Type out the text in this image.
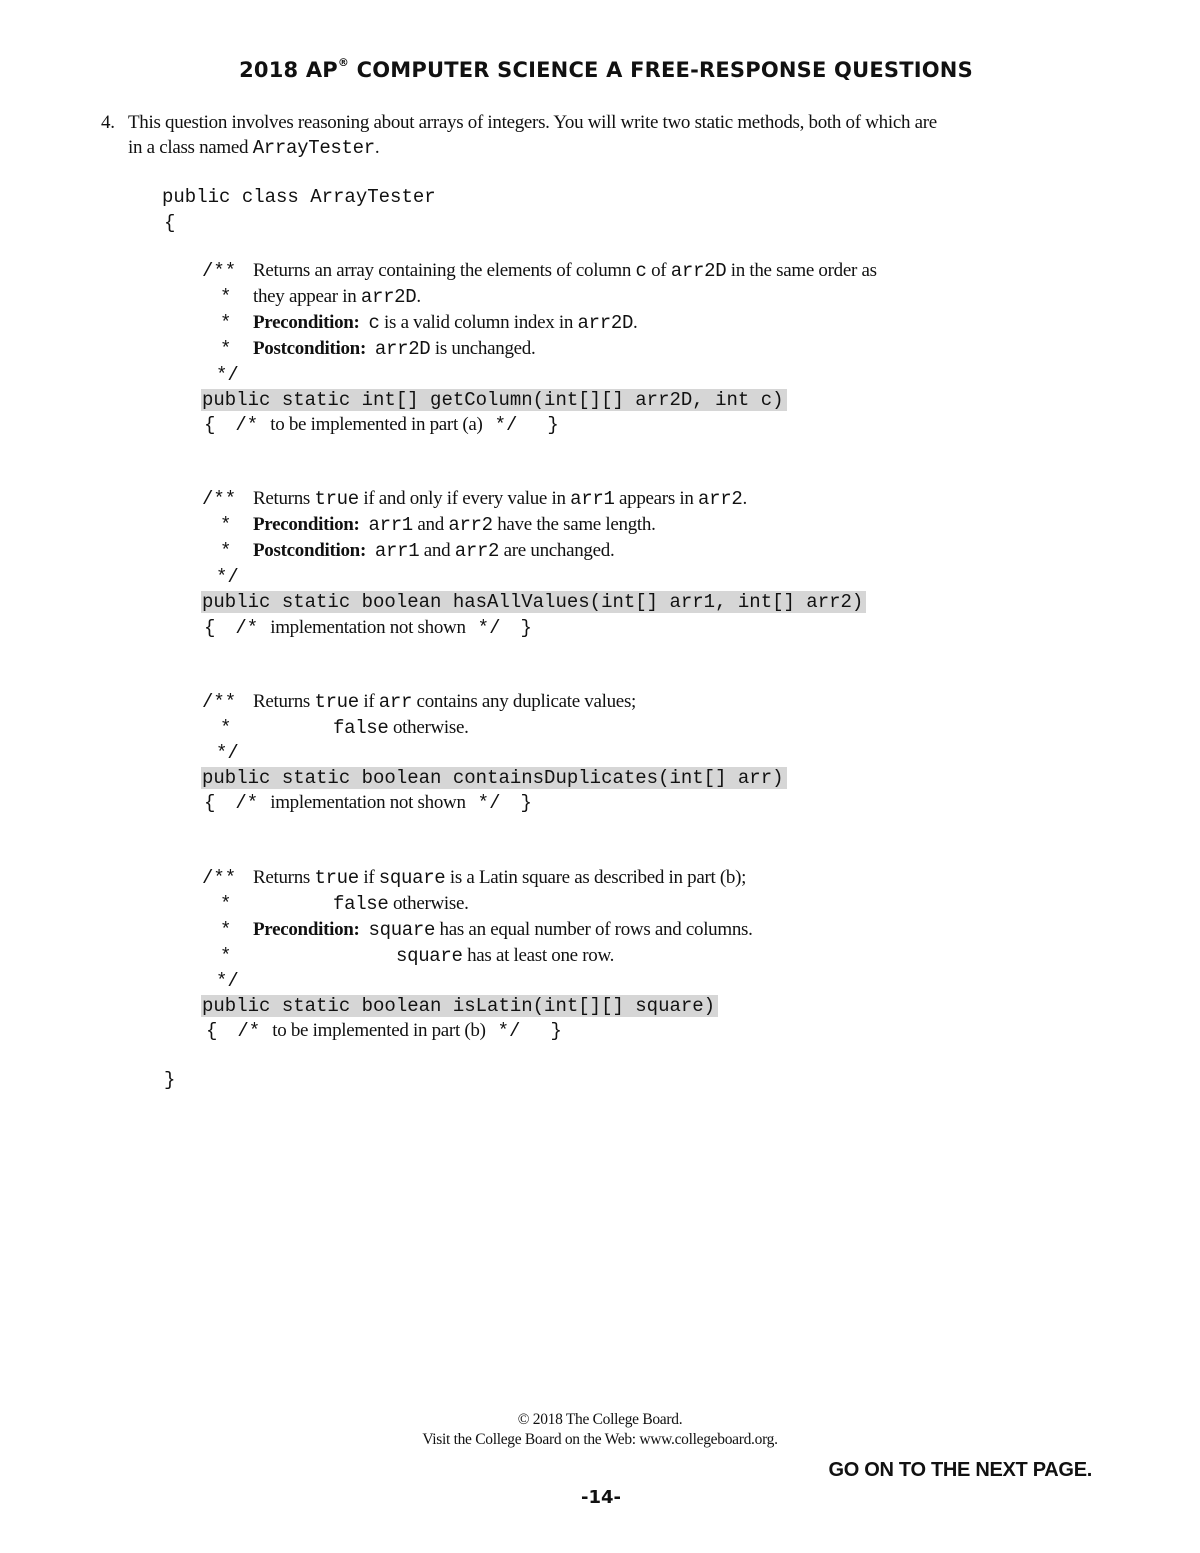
2018 AP® COMPUTER SCIENCE A FREE-RESPONSE QUESTIONS
4. This question involves reasoning about arrays of integers. You will write two static methods, both of which are
in a class named ArrayTester.
public class ArrayTester
{
/** Returns an array containing the elements of column c of arr2D in the same order as
* they appear in arr2D.
* Precondition: c is a valid column index in arr2D.
* Postcondition: arr2D is unchanged.
*/
public static int[] getColumn(int[][] arr2D, int c)
{ /* to be implemented in part (a) */ }
/** Returns true if and only if every value in arr1 appears in arr2.
* Precondition: arr1 and arr2 have the same length.
* Postcondition: arr1 and arr2 are unchanged.
*/
public static boolean hasAllValues(int[] arr1, int[] arr2)
{ /* implementation not shown */ }
/** Returns true if arr contains any duplicate values;
*	false otherwise.
*/
public static boolean containsDuplicates(int[] arr)
{ /* implementation not shown */ }
/** Returns true if square is a Latin square as described in part (b);
*	false otherwise.
* Precondition: square has an equal number of rows and columns.
*	square has at least one row.
*/
public static boolean isLatin(int[][] square)
{ /* to be implemented in part (b) */ }
}
© 2018 The College Board.
Visit the College Board on the Web: www.collegeboard.org.
GO ON TO THE NEXT PAGE.
-14-
